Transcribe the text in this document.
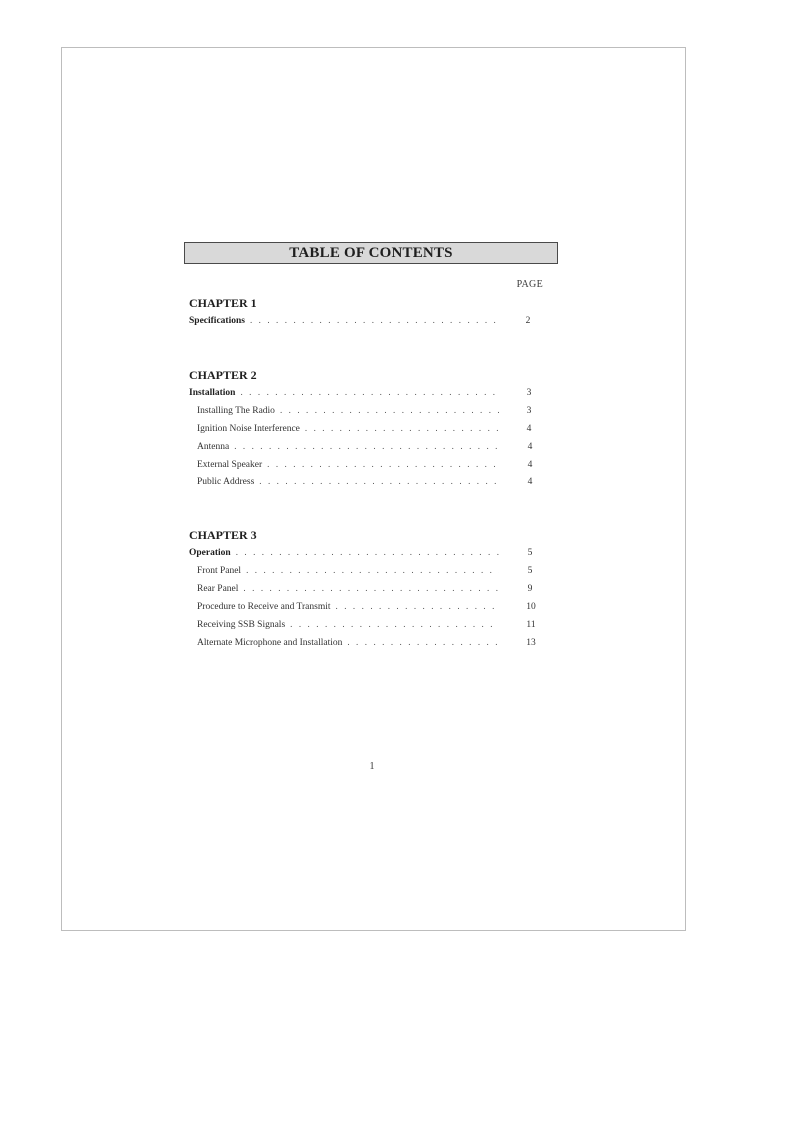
TABLE OF CONTENTS
PAGE
CHAPTER 1
Specifications . . .	2
CHAPTER 2
Installation . . .	3
Installing The Radio . . .	3
Ignition Noise Interference . . .	4
Antenna . . .	4
External Speaker . . .	4
Public Address . . .	4
CHAPTER 3
Operation . . .	5
Front Panel . . .	5
Rear Panel . . .	9
Procedure to Receive and Transmit . . .	10
Receiving SSB Signals . . .	11
Alternate Microphone and Installation . . .	13
1
